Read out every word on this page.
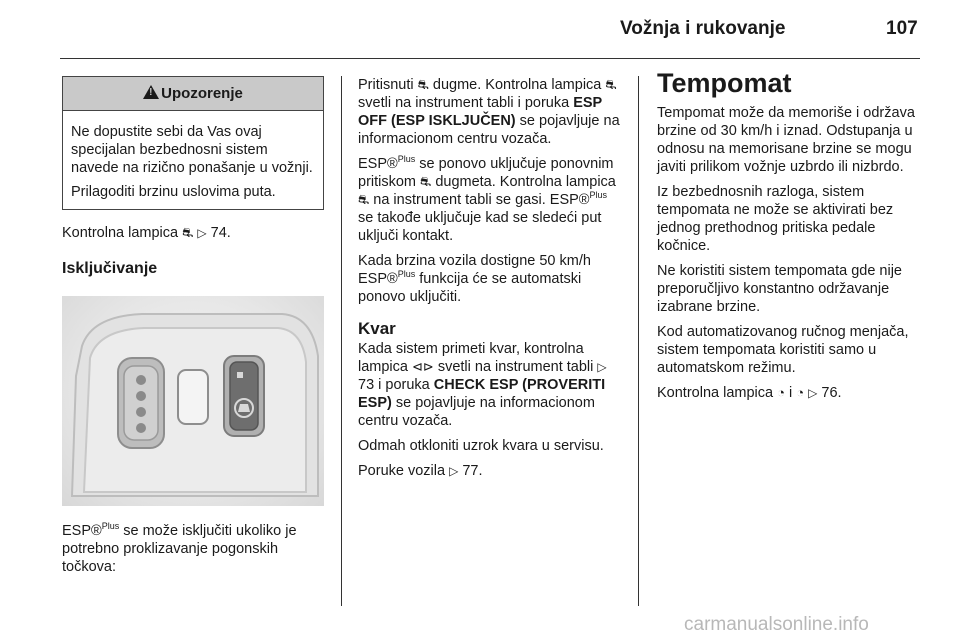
Vožnja i rukovanje	107
!Upozorenje

Ne dopustite sebi da Vas ovaj specijalan bezbednosni sistem navede na rizično ponašanje u vožnji.

Prilagoditi brzinu uslovima puta.

Kontrolna lampica ⛐ ▷ 74.

Isključivanje

ESP®$^{Plus}$ se može isključiti ukoliko je potrebno proklizavanje pogonskih točkova:

Pritisnuti ⛐ dugme. Kontrolna lampica ⛐ svetli na instrument tabli i poruka ESP OFF (ESP ISKLJUČEN) se pojavljuje na informacionom centru vozača.

ESP®$^{Plus}$ se ponovo uključuje ponovnim pritiskom ⛐ dugmeta. Kontrolna lampica ⛐ na instrument tabli se gasi. ESP®$^{Plus}$ se takođe uključuje kad se sledeći put uključi kontakt.

Kada brzina vozila dostigne 50 km/h ESP®$^{Plus}$ funkcija će se automatski ponovo uključiti.

Kvar

Kada sistem primeti kvar, kontrolna lampica ⊲⊳ svetli na instrument tabli ▷ 73 i poruka CHECK ESP (PROVERITI ESP) se pojavljuje na informacionom centru vozača.

Odmah otkloniti uzrok kvara u servisu.

Poruke vozila ▷ 77.

Tempomat

Tempomat može da memoriše i održava brzine od 30 km/h i iznad. Odstupanja u odnosu na memorisane brzine se mogu javiti prilikom vožnje uzbrdo ili nizbrdo.

Iz bezbednosnih razloga, sistem tempomata ne može se aktivirati bez jednog prethodnog pritiska pedale kočnice.

Ne koristiti sistem tempomata gde nije preporučljivo konstantno održavanje izabrane brzine.

Kod automatizovanog ručnog menjača, sistem tempomata koristiti samo u automatskom režimu.

Kontrolna lampica ◔ i ◔ ▷ 76.

carmanualsonline.info
